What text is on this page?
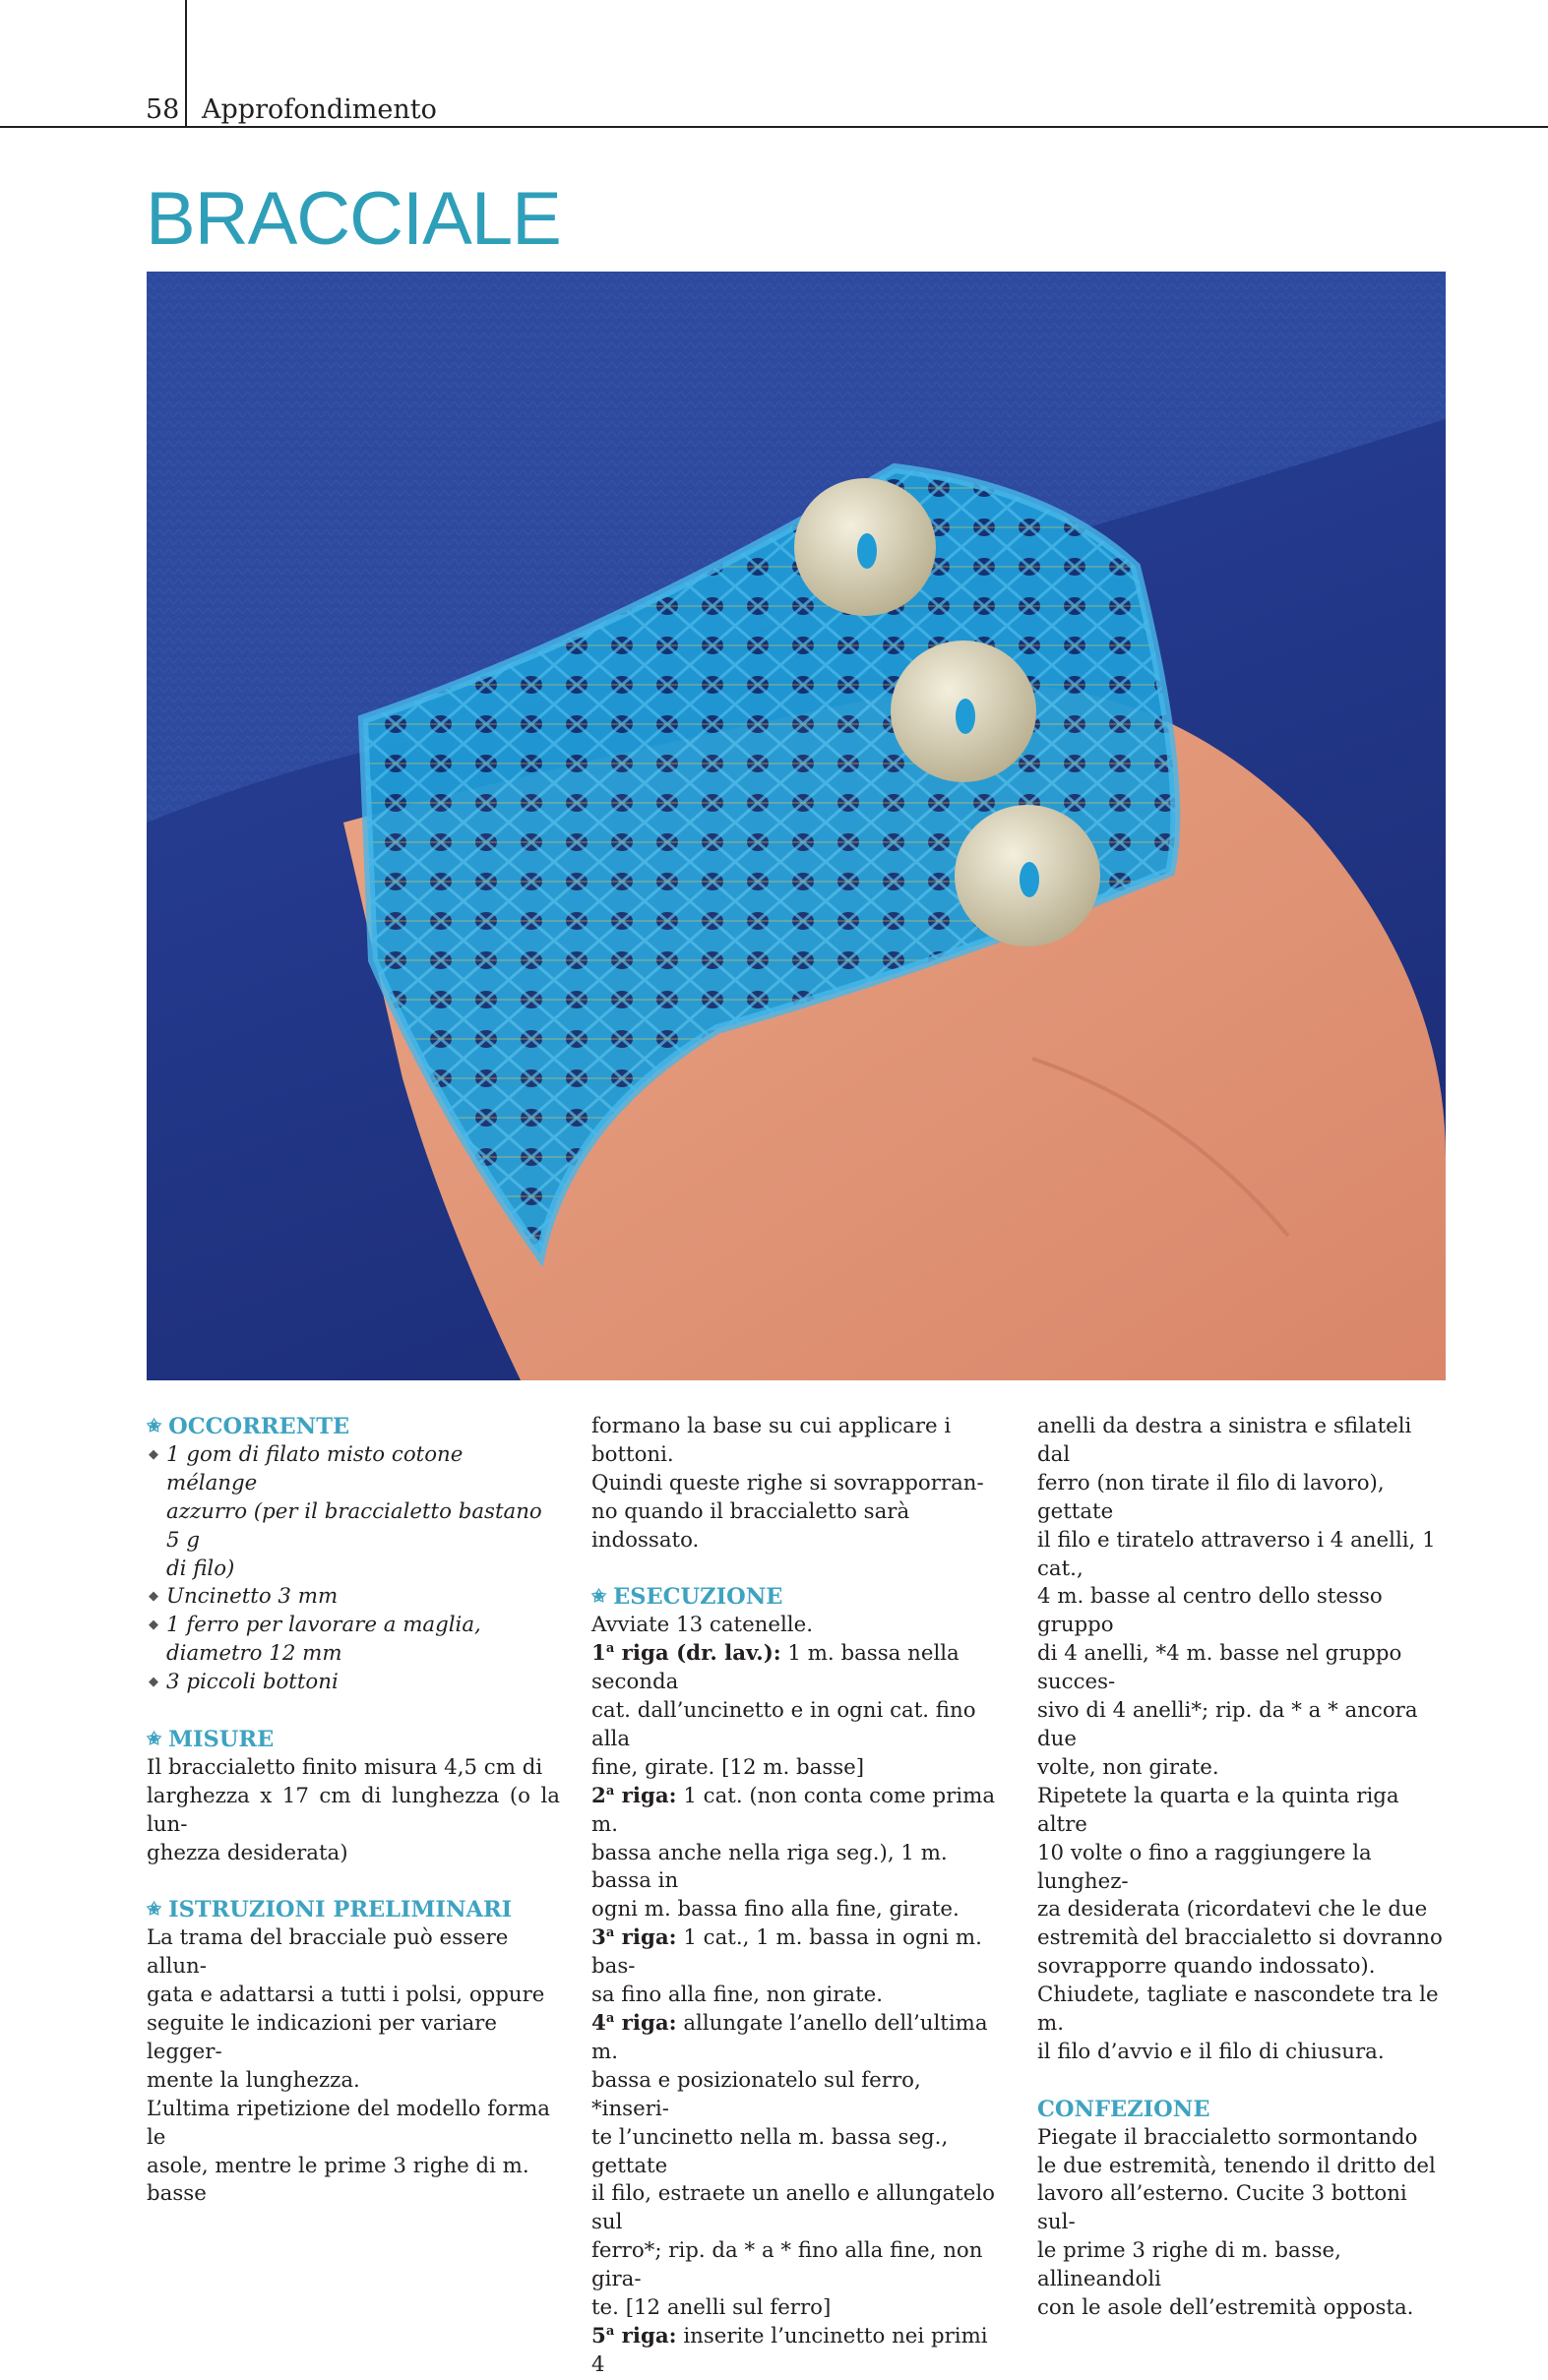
58 Approfondimento
BRACCIALE
✬ OCCORRENTE
◆ 1 gom di filato misto cotone mélange
azzurro (per il braccialetto bastano 5 g
di filo)
◆ Uncinetto 3 mm
◆ 1 ferro per lavorare a maglia,
diametro 12 mm
◆ 3 piccoli bottoni
✬ MISURE

Il braccialetto finito misura 4,5 cm di

larghezza x 17 cm di lunghezza (o la lun-

ghezza desiderata)

✬ ISTRUZIONI PRELIMINARI

La trama del bracciale può essere allun-

gata e adattarsi a tutti i polsi, oppure

seguite le indicazioni per variare legger-

mente la lunghezza.

L’ultima ripetizione del modello forma le

asole, mentre le prime 3 righe di m. basse

formano la base su cui applicare i bottoni.

Quindi queste righe si sovrapporran-

no quando il braccialetto sarà indossato.

✬ ESECUZIONE

Avviate 13 catenelle.

1$^a$ riga (dr. lav.): 1 m. bassa nella seconda

cat. dall’uncinetto e in ogni cat. fino alla

fine, girate. [12 m. basse]

2$^a$ riga: 1 cat. (non conta come prima m.

bassa anche nella riga seg.), 1 m. bassa in

ogni m. bassa fino alla fine, girate.

3$^a$ riga: 1 cat., 1 m. bassa in ogni m. bas-

sa fino alla fine, non girate.

4$^a$ riga: allungate l’anello dell’ultima m.

bassa e posizionatelo sul ferro, *inseri-

te l’uncinetto nella m. bassa seg., gettate

il filo, estraete un anello e allungatelo sul

ferro*; rip. da * a * fino alla fine, non gira-

te. [12 anelli sul ferro]

5$^a$ riga: inserite l’uncinetto nei primi 4

anelli da destra a sinistra e sfilateli dal

ferro (non tirate il filo di lavoro), gettate

il filo e tiratelo attraverso i 4 anelli, 1 cat.,

4 m. basse al centro dello stesso gruppo

di 4 anelli, *4 m. basse nel gruppo succes-

sivo di 4 anelli*; rip. da * a * ancora due

volte, non girate.

Ripetete la quarta e la quinta riga altre

10 volte o fino a raggiungere la lunghez-

za desiderata (ricordatevi che le due

estremità del braccialetto si dovranno

sovrapporre quando indossato).

Chiudete, tagliate e nascondete tra le m.

il filo d’avvio e il filo di chiusura.

CONFEZIONE

Piegate il braccialetto sormontando

le due estremità, tenendo il dritto del

lavoro all’esterno. Cucite 3 bottoni sul-

le prime 3 righe di m. basse, allineandoli

con le asole dell’estremità opposta.
